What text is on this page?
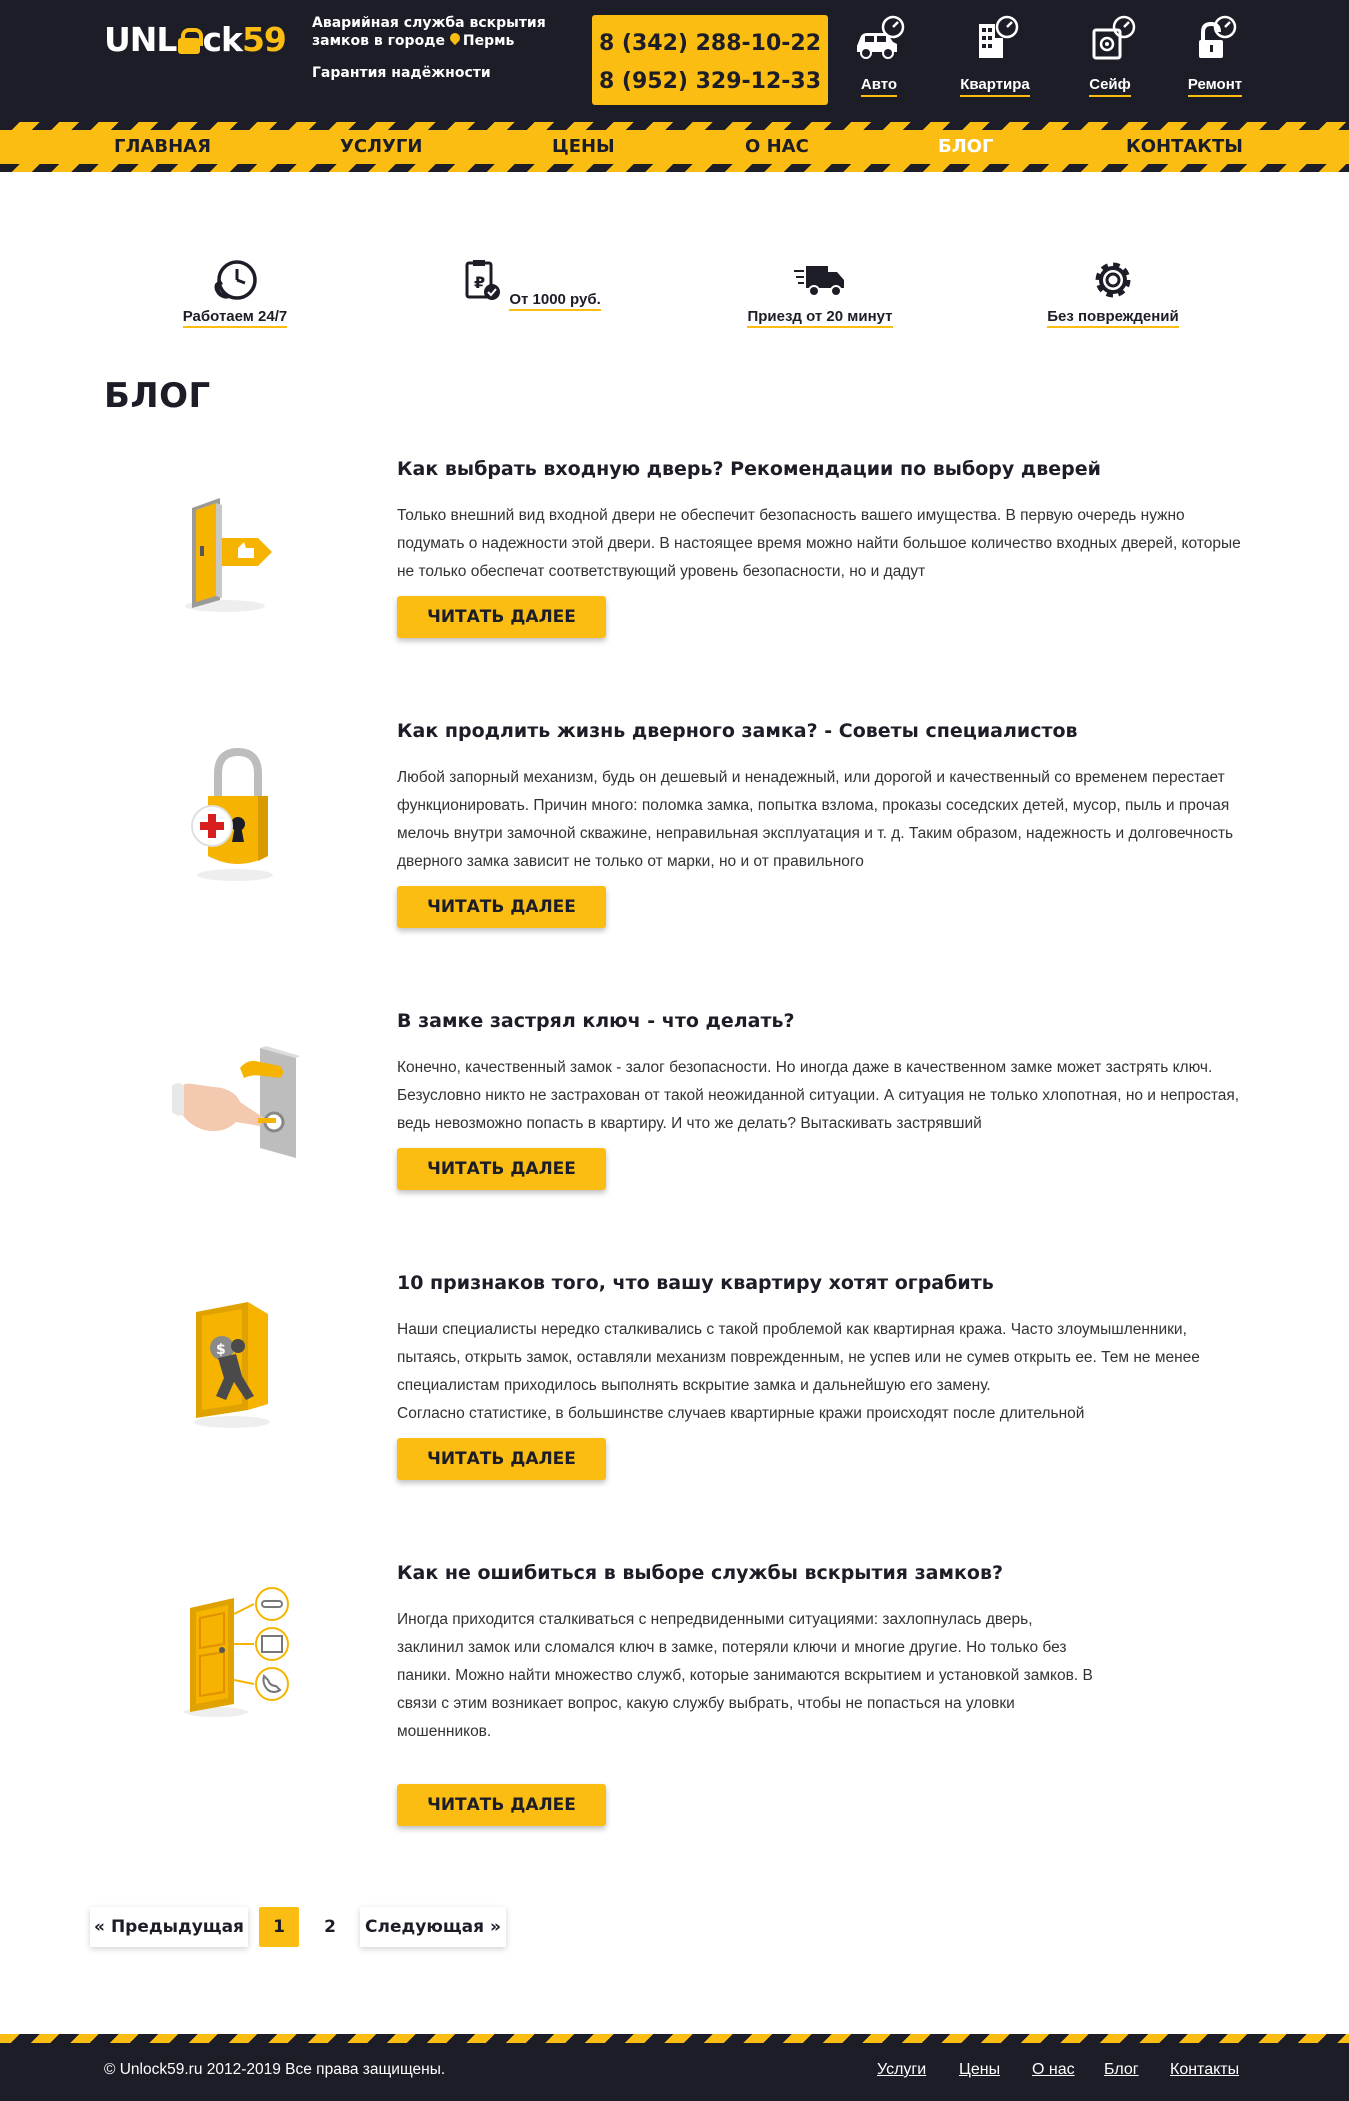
UNL ck59 Аварийная служба вскрытия
замков в городе Пермь
Гарантия надёжности
8 (342) 288-10-22
8 (952) 329-12-33	Авто	Квартира	Сейф	Ремонт
ГЛАВНАЯ	УСЛУГИ	ЦЕНЫ	О НАС	БЛОГ	КОНТАКТЫ
Работаем 24/7
₽
От 1000 руб.
Приезд от 20 минут	Без повреждений
БЛОГ
Как выбрать входную дверь? Рекомендации по выбору дверей

Только внешний вид входной двери не обеспечит безопасность вашего имущества. В первую очередь нужно подумать о надежности этой двери. В настоящее время можно найти большое количество входных дверей, которые не только обеспечат соответствующий уровень безопасности, но и дадут

ЧИТАТЬ ДАЛЕЕ
Как продлить жизнь дверного замка? - Советы специалистов

Любой запорный механизм, будь он дешевый и ненадежный, или дорогой и качественный со временем перестает функционировать. Причин много: поломка замка, попытка взлома, проказы соседских детей, мусор, пыль и прочая мелочь внутри замочной скважине, неправильная эксплуатация и т. д. Таким образом, надежность и долговечность дверного замка зависит не только от марки, но и от правильного

ЧИТАТЬ ДАЛЕЕ
В замке застрял ключ - что делать?

Конечно, качественный замок - залог безопасности. Но иногда даже в качественном замке может застрять ключ. Безусловно никто не застрахован от такой неожиданной ситуации. А ситуация не только хлопотная, но и непростая, ведь невозможно попасть в квартиру. И что же делать? Вытаскивать застрявший

ЧИТАТЬ ДАЛЕЕ
$
10 признаков того, что вашу квартиру хотят ограбить

Наши специалисты нередко сталкивались с такой проблемой как квартирная кража. Часто злоумышленники, пытаясь, открыть замок, оставляли механизм поврежденным, не успев или не сумев открыть ее. Тем не менее специалистам приходилось выполнять вскрытие замка и дальнейшую его замену.
Согласно статистике, в большинстве случаев квартирные кражи происходят после длительной

ЧИТАТЬ ДАЛЕЕ
Как не ошибиться в выборе службы вскрытия замков?

Иногда приходится сталкиваться с непредвиденными ситуациями: захлопнулась дверь, заклинил замок или сломался ключ в замке, потеряли ключи и многие другие. Но только без паники. Можно найти множество служб, которые занимаются вскрытием и установкой замков. В связи с этим возникает вопрос, какую службу выбрать, чтобы не попасться на уловки мошенников.

ЧИТАТЬ ДАЛЕЕ
« Предыдущая	1	2	Следующая »
© Unlock59.ru 2012-2019 Все права защищены.	Услуги Цены О нас Блог Контакты
